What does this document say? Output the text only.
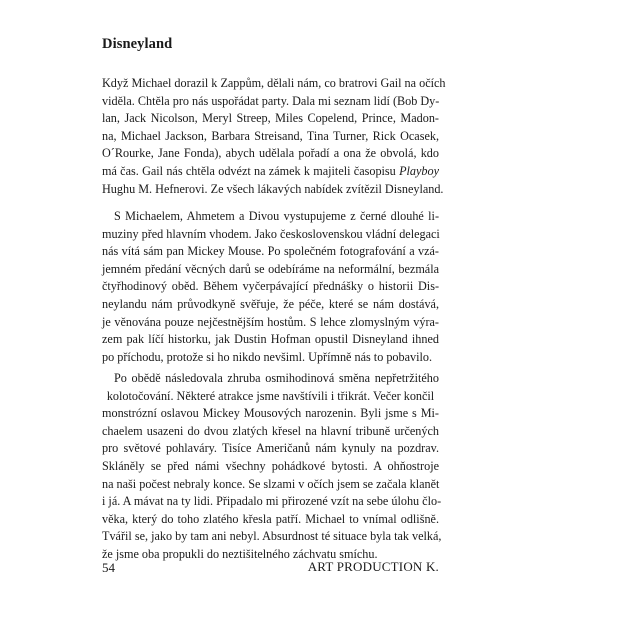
Disneyland

Když Michael dorazil k Zappům, dělali nám, co bratrovi Gail na očích
viděla. Chtěla pro nás uspořádat party. Dala mi seznam lidí (Bob Dy-
lan, Jack Nicolson, Meryl Streep, Miles Copelend, Prince, Madon-
na, Michael Jackson, Barbara Streisand, Tina Turner, Rick Ocasek,
O´Rourke, Jane Fonda), abych udělala pořadí a ona že obvolá, kdo
má čas. Gail nás chtěla odvézt na zámek k majiteli časopisu Playboy
Hughu M. Hefnerovi. Ze všech lákavých nabídek zvítězil Disneyland.

S Michaelem, Ahmetem a Divou vystupujeme z černé dlouhé li-
muziny před hlavním vhodem. Jako československou vládní delegaci
nás vítá sám pan Mickey Mouse. Po společném fotografování a vzá-
jemném předání věcných darů se odebíráme na neformální, bezmála
čtyřhodinový oběd. Během vyčerpávající přednášky o historii Dis-
neylandu nám průvodkyně svěřuje, že péče, které se nám dostává,
je věnována pouze nejčestnějším hostům. S lehce zlomyslným výra-
zem pak líčí historku, jak Dustin Hofman opustil Disneyland ihned
po příchodu, protože si ho nikdo nevšiml. Upřímně nás to pobavilo.

Po obědě následovala zhruba osmihodinová směna nepřetržitého
kolotočování. Některé atrakce jsme navštívili i třikrát. Večer končil
monstrózní oslavou Mickey Mousových narozenin. Byli jsme s Mi-
chaelem usazeni do dvou zlatých křesel na hlavní tribuně určených
pro světové pohlaváry. Tisíce Američanů nám kynuly na pozdrav.
Skláněly se před námi všechny pohádkové bytosti. A ohňostroje
na naši počest nebraly konce. Se slzami v očích jsem se začala klanět
i já. A mávat na ty lidi. Připadalo mi přirozené vzít na sebe úlohu člo-
věka, který do toho zlatého křesla patří. Michael to vnímal odlišně.
Tvářil se, jako by tam ani nebyl. Absurdnost té situace byla tak velká,
že jsme oba propukli do neztišitelného záchvatu smíchu.

54	ART PRODUCTION K.
